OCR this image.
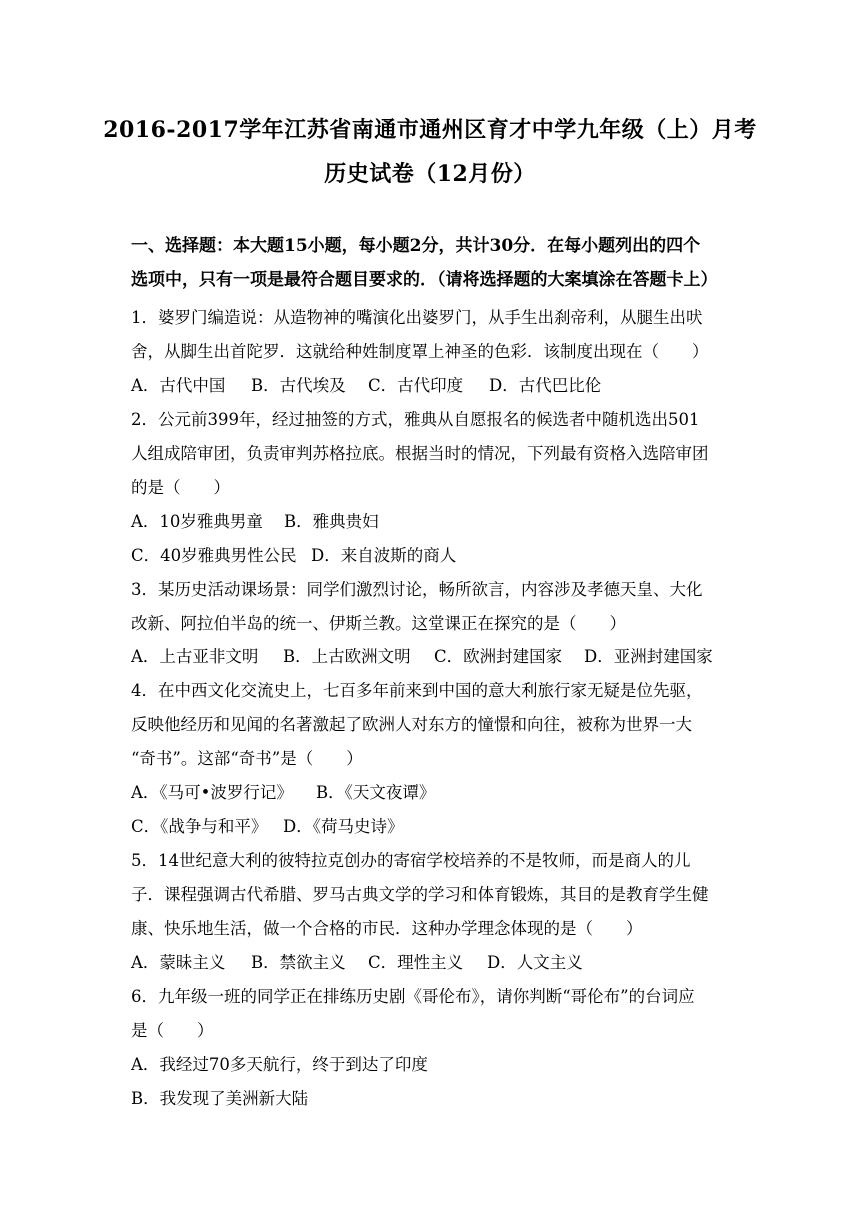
2016-2017学年江苏省南通市通州区育才中学九年级（上）月考
历史试卷（12月份）
一、选择题：本大题15小题，每小题2分，共计30分．在每小题列出的四个
选项中，只有一项是最符合题目要求的．（请将选择题的大案填涂在答题卡上）
1．婆罗门编造说：从造物神的嘴演化出婆罗门，从手生出刹帝利，从腿生出吠
舍，从脚生出首陀罗．这就给种姓制度罩上神圣的色彩．该制度出现在（　　）
A．古代中国 B．古代埃及 C．古代印度 D．古代巴比伦
2．公元前399年，经过抽签的方式，雅典从自愿报名的候选者中随机选出501
人组成陪审团，负责审判苏格拉底。根据当时的情况，下列最有资格入选陪审团
的是（　　）
A．10岁雅典男童 B．雅典贵妇
C．40岁雅典男性公民 D．来自波斯的商人
3．某历史活动课场景：同学们激烈讨论，畅所欲言，内容涉及孝德天皇、大化
改新、阿拉伯半岛的统一、伊斯兰教。这堂课正在探究的是（　　）
A．上古亚非文明 B．上古欧洲文明 C．欧洲封建国家 D．亚洲封建国家
4．在中西文化交流史上，七百多年前来到中国的意大利旅行家无疑是位先驱，
反映他经历和见闻的名著激起了欧洲人对东方的憧憬和向往，被称为世界一大
“奇书”。这部“奇书”是（　　）
A．《马可•波罗行记》 B．《天文夜谭》
C．《战争与和平》 D．《荷马史诗》
5．14世纪意大利的彼特拉克创办的寄宿学校培养的不是牧师，而是商人的儿
子．课程强调古代希腊、罗马古典文学的学习和体育锻炼，其目的是教育学生健
康、快乐地生活，做一个合格的市民．这种办学理念体现的是（　　）
A．蒙昧主义 B．禁欲主义 C．理性主义 D．人文主义
6．九年级一班的同学正在排练历史剧《哥伦布》，请你判断“哥伦布”的台词应
是（　　）
A．我经过70多天航行，终于到达了印度
B．我发现了美洲新大陆
